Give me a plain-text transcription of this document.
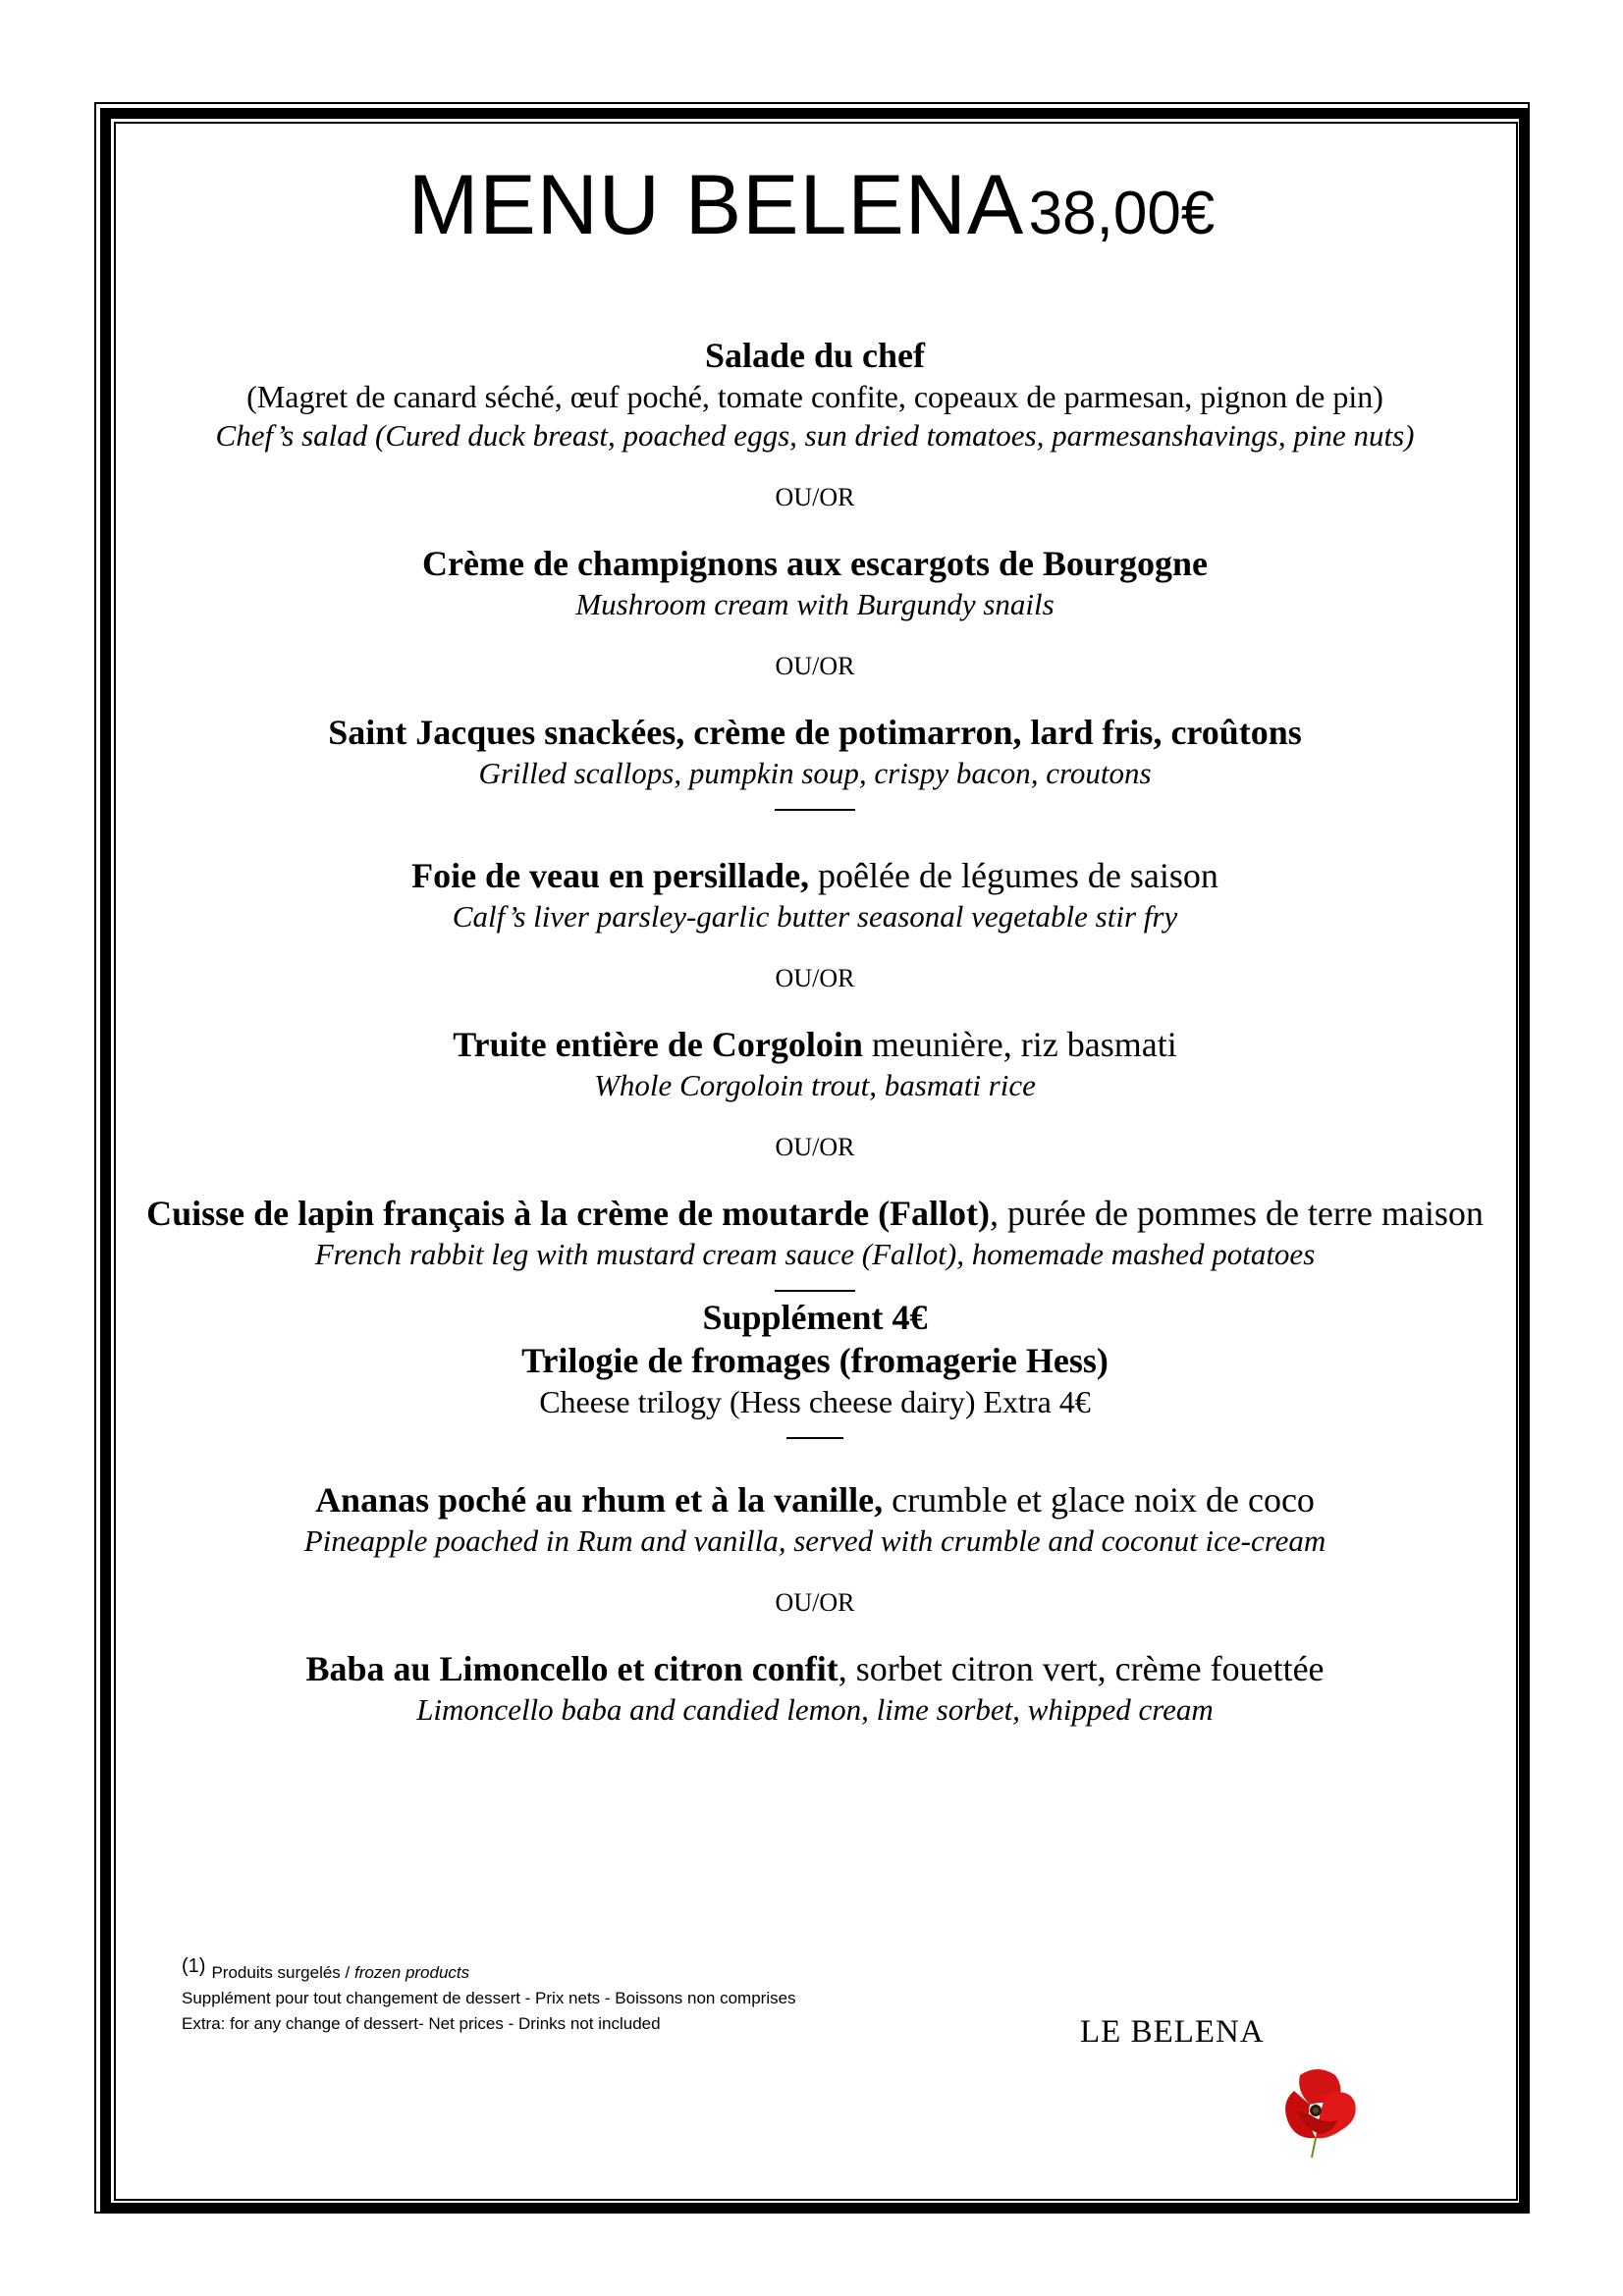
MENU BELENA 38,00€
Salade du chef
(Magret de canard séché, œuf poché, tomate confite, copeaux de parmesan, pignon de pin)
Chef’s salad (Cured duck breast, poached eggs, sun dried tomatoes, parmesanshavings, pine nuts)
OU/OR
Crème de champignons aux escargots de Bourgogne
Mushroom cream with Burgundy snails
OU/OR
Saint Jacques snackées, crème de potimarron, lard fris, croûtons
Grilled scallops, pumpkin soup, crispy bacon, croutons
Foie de veau en persillade, poêlée de légumes de saison
Calf’s liver parsley-garlic butter seasonal vegetable stir fry
OU/OR
Truite entière de Corgoloin meunière, riz basmati
Whole Corgoloin trout, basmati rice
OU/OR
Cuisse de lapin français à la crème de moutarde (Fallot), purée de pommes de terre maison
French rabbit leg with mustard cream sauce (Fallot), homemade mashed potatoes
Supplément 4€
Trilogie de fromages (fromagerie Hess)
Cheese trilogy (Hess cheese dairy) Extra 4€
Ananas poché au rhum et à la vanille, crumble et glace noix de coco
Pineapple poached in Rum and vanilla, served with crumble and coconut ice-cream
OU/OR
Baba au Limoncello et citron confit, sorbet citron vert, crème fouettée
Limoncello baba and candied lemon, lime sorbet, whipped cream
$^{(1)}$ Produits surgelés / frozen products
Supplément pour tout changement de dessert - Prix nets - Boissons non comprises
Extra: for any change of dessert- Net prices - Drinks not included	LE BELENA
